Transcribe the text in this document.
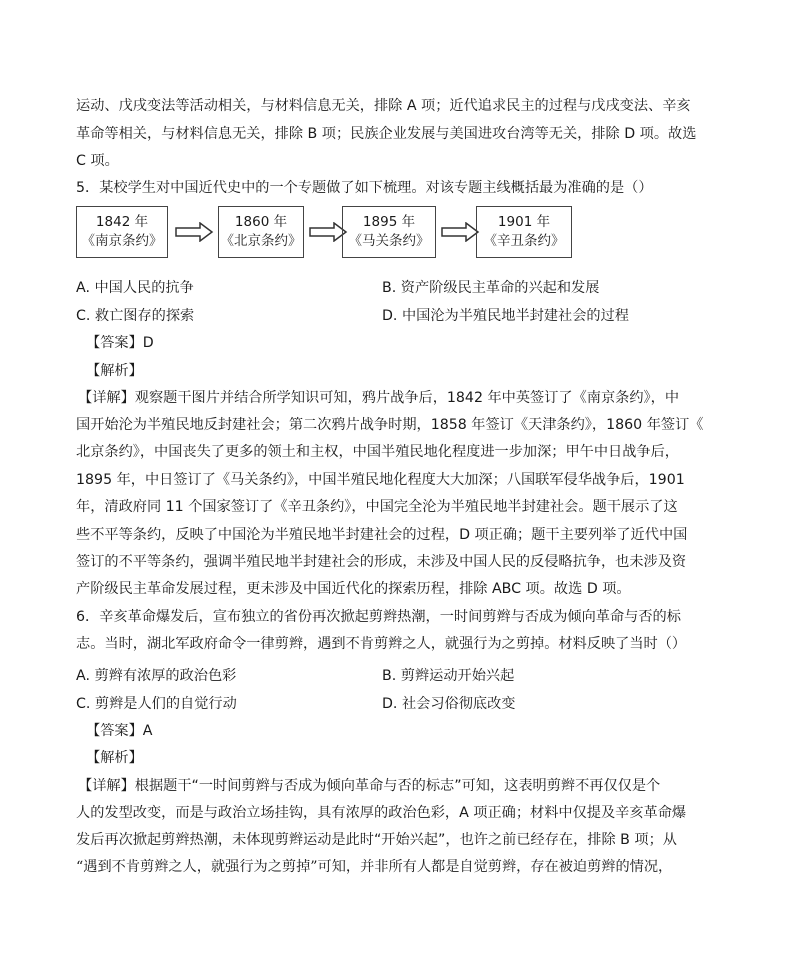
运动、戊戌变法等活动相关，与材料信息无关，排除 A 项；近代追求民主的过程与戊戌变法、辛亥
革命等相关，与材料信息无关，排除 B 项；民族企业发展与美国进攻台湾等无关，排除 D 项。故选
C 项。
5．某校学生对中国近代史中的一个专题做了如下梳理。对该专题主线概括最为准确的是（）
1842 年
《南京条约》
1860 年
《北京条约》
1895 年
《马关条约》
1901 年
《辛丑条约》
A. 中国人民的抗争	B. 资产阶级民主革命的兴起和发展
C. 救亡图存的探索	D. 中国沦为半殖民地半封建社会的过程
【答案】D
【解析】
【详解】观察题干图片并结合所学知识可知，鸦片战争后，1842 年中英签订了《南京条约》，中
国开始沦为半殖民地反封建社会；第二次鸦片战争时期，1858 年签订《天津条约》，1860 年签订《
北京条约》，中国丧失了更多的领土和主权，中国半殖民地化程度进一步加深；甲午中日战争后，
1895 年，中日签订了《马关条约》，中国半殖民地化程度大大加深；八国联军侵华战争后，1901
年，清政府同 11 个国家签订了《辛丑条约》，中国完全沦为半殖民地半封建社会。题干展示了这
些不平等条约，反映了中国沦为半殖民地半封建社会的过程，D 项正确；题干主要列举了近代中国
签订的不平等条约，强调半殖民地半封建社会的形成，未涉及中国人民的反侵略抗争，也未涉及资
产阶级民主革命发展过程，更未涉及中国近代化的探索历程，排除 ABC 项。故选 D 项。
6．辛亥革命爆发后，宣布独立的省份再次掀起剪辫热潮，一时间剪辫与否成为倾向革命与否的标
志。当时，湖北军政府命令一律剪辫，遇到不肯剪辫之人，就强行为之剪掉。材料反映了当时（）
A. 剪辫有浓厚的政治色彩	B. 剪辫运动开始兴起
C. 剪辫是人们的自觉行动	D. 社会习俗彻底改变
【答案】A
【解析】
【详解】根据题干“一时间剪辫与否成为倾向革命与否的标志”可知，这表明剪辫不再仅仅是个
人的发型改变，而是与政治立场挂钩，具有浓厚的政治色彩，A 项正确；材料中仅提及辛亥革命爆
发后再次掀起剪辫热潮，未体现剪辫运动是此时“开始兴起”，也许之前已经存在，排除 B 项；从
“遇到不肯剪辫之人，就强行为之剪掉”可知，并非所有人都是自觉剪辫，存在被迫剪辫的情况，
